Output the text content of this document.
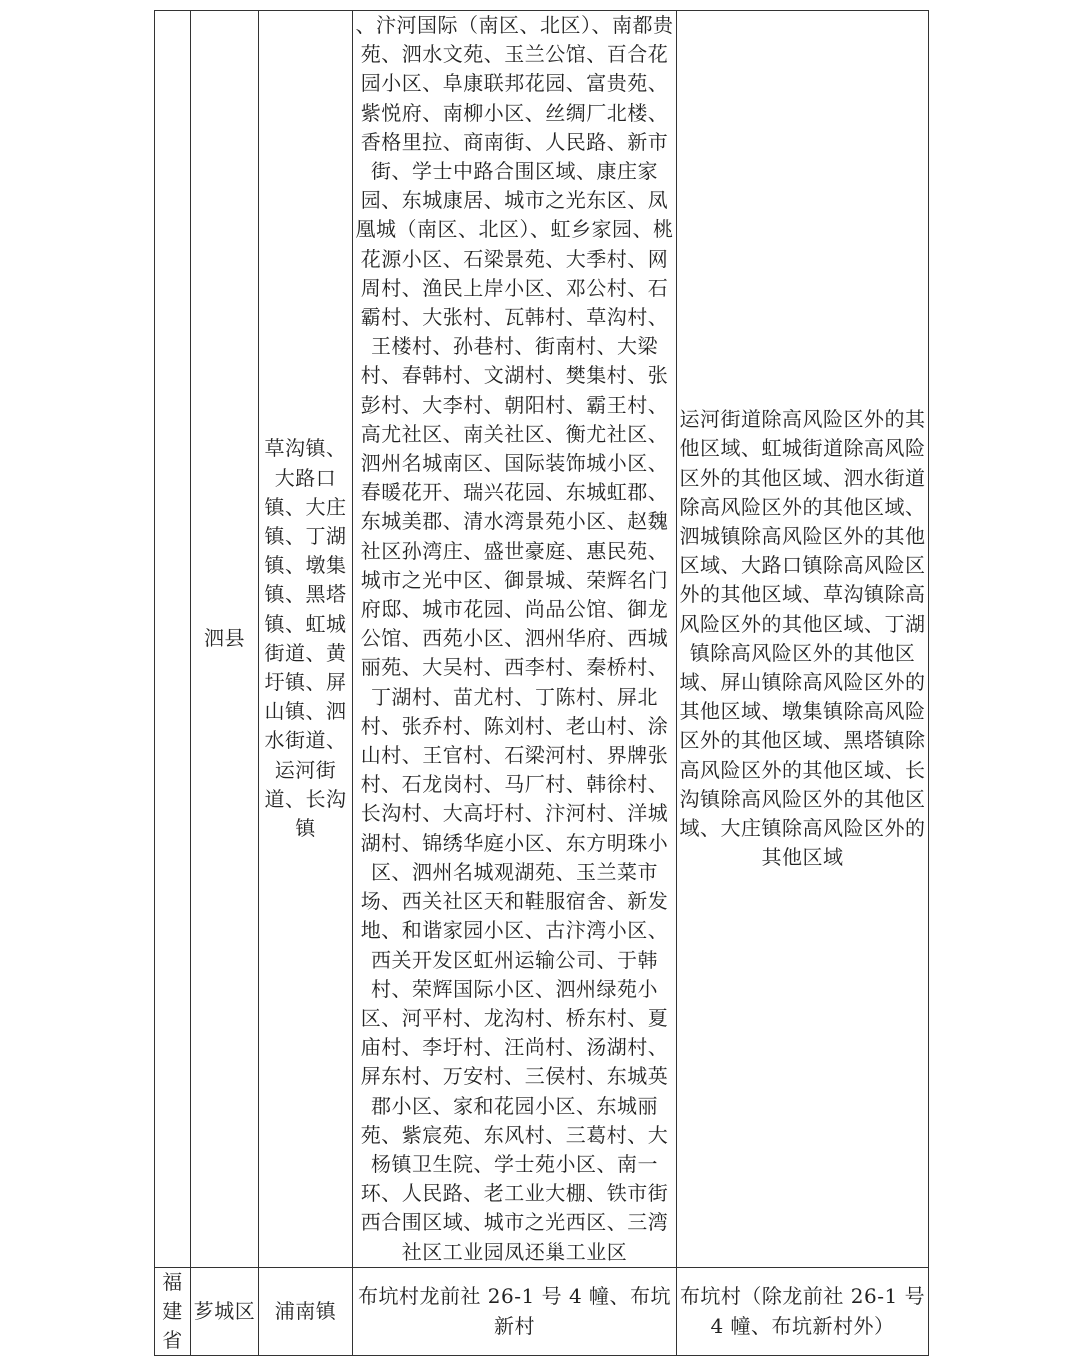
	泗县	草沟镇、大路口镇、大庄镇、丁湖镇、墩集镇、黑塔镇、虹城街道、黄圩镇、屏山镇、泗水街道、运河街道、长沟镇	、汴河国际（南区、北区）、南都贵苑、泗水文苑、玉兰公馆、百合花园小区、阜康联邦花园、富贵苑、紫悦府、南柳小区、丝绸厂北楼、香格里拉、商南街、人民路、新市街、学士中路合围区域、康庄家园、东城康居、城市之光东区、凤凰城（南区、北区）、虹乡家园、桃花源小区、石梁景苑、大季村、网周村、渔民上岸小区、邓公村、石霸村、大张村、瓦韩村、草沟村、王楼村、孙巷村、街南村、大梁村、春韩村、文湖村、樊集村、张彭村、大李村、朝阳村、霸王村、高尤社区、南关社区、衡尤社区、泗州名城南区、国际装饰城小区、春暖花开、瑞兴花园、东城虹郡、东城美郡、清水湾景苑小区、赵魏社区孙湾庄、盛世豪庭、惠民苑、城市之光中区、御景城、荣辉名门府邸、城市花园、尚品公馆、御龙公馆、西苑小区、泗州华府、西城丽苑、大吴村、西李村、秦桥村、丁湖村、苗尤村、丁陈村、屏北村、张乔村、陈刘村、老山村、涂山村、王官村、石梁河村、界牌张村、石龙岗村、马厂村、韩徐村、长沟村、大高圩村、汴河村、洋城湖村、锦绣华庭小区、东方明珠小区、泗州名城观湖苑、玉兰菜市场、西关社区天和鞋服宿舍、新发地、和谐家园小区、古汴湾小区、西关开发区虹州运输公司、于韩村、荣辉国际小区、泗州绿苑小区、河平村、龙沟村、桥东村、夏庙村、李圩村、汪尚村、汤湖村、屏东村、万安村、三侯村、东城英郡小区、家和花园小区、东城丽苑、紫宸苑、东风村、三葛村、大杨镇卫生院、学士苑小区、南一环、人民路、老工业大棚、铁市街西合围区域、城市之光西区、三湾社区工业园凤还巢工业区	运河街道除高风险区外的其他区域、虹城街道除高风险区外的其他区域、泗水街道除高风险区外的其他区域、泗城镇除高风险区外的其他区域、大路口镇除高风险区外的其他区域、草沟镇除高风险区外的其他区域、丁湖镇除高风险区外的其他区域、屏山镇除高风险区外的其他区域、墩集镇除高风险区外的其他区域、黑塔镇除高风险区外的其他区域、长沟镇除高风险区外的其他区域、大庄镇除高风险区外的其他区域
福建省	芗城区	浦南镇	布坑村龙前社 26-1 号 4 幢、布坑新村	布坑村（除龙前社 26-1 号 4 幢、布坑新村外）
